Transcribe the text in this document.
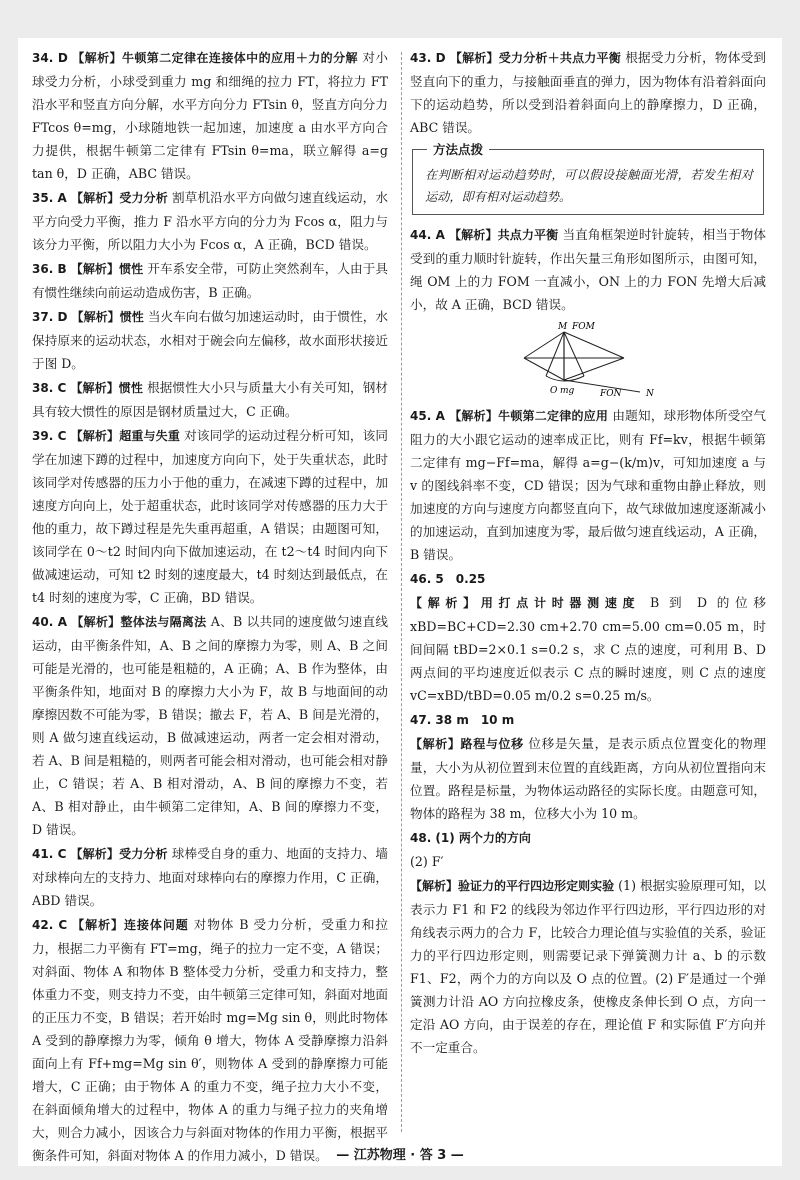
34. D 【解析】牛顿第二定律在连接体中的应用＋力的分解 对小球受力分析，小球受到重力 mg 和细绳的拉力 FT，将拉力 FT 沿水平和竖直方向分解，水平方向分力 FTsin θ，竖直方向分力 FTcos θ=mg，小球随地铁一起加速，加速度 a 由水平方向合力提供，根据牛顿第二定律有 FTsin θ=ma，联立解得 a=g tan θ，D 正确，ABC 错误。

35. A 【解析】受力分析 割草机沿水平方向做匀速直线运动，水平方向受力平衡，推力 F 沿水平方向的分力为 Fcos α，阻力与该分力平衡，所以阻力大小为 Fcos α，A 正确，BCD 错误。

36. B 【解析】惯性 开车系安全带，可防止突然刹车，人由于具有惯性继续向前运动造成伤害，B 正确。

37. D 【解析】惯性 当火车向右做匀加速运动时，由于惯性，水保持原来的运动状态，水相对于碗会向左偏移，故水面形状接近于图 D。

38. C 【解析】惯性 根据惯性大小只与质量大小有关可知，钢材具有较大惯性的原因是钢材质量过大，C 正确。

39. C 【解析】超重与失重 对该同学的运动过程分析可知，该同学在加速下蹲的过程中，加速度方向向下，处于失重状态，此时该同学对传感器的压力小于他的重力，在减速下蹲的过程中，加速度方向向上，处于超重状态，此时该同学对传感器的压力大于他的重力，故下蹲过程是先失重再超重，A 错误；由题图可知，该同学在 0～t2 时间内向下做加速运动，在 t2～t4 时间内向下做减速运动，可知 t2 时刻的速度最大，t4 时刻达到最低点，在 t4 时刻的速度为零，C 正确，BD 错误。

40. A 【解析】整体法与隔离法 A、B 以共同的速度做匀速直线运动，由平衡条件知，A、B 之间的摩擦力为零，则 A、B 之间可能是光滑的，也可能是粗糙的，A 正确；A、B 作为整体，由平衡条件知，地面对 B 的摩擦力大小为 F，故 B 与地面间的动摩擦因数不可能为零，B 错误；撤去 F，若 A、B 间是光滑的，则 A 做匀速直线运动，B 做减速运动，两者一定会相对滑动，若 A、B 间是粗糙的，则两者可能会相对滑动，也可能会相对静止，C 错误；若 A、B 相对滑动，A、B 间的摩擦力不变，若 A、B 相对静止，由牛顿第二定律知，A、B 间的摩擦力不变，D 错误。

41. C 【解析】受力分析 球棒受自身的重力、地面的支持力、墙对球棒向左的支持力、地面对球棒向右的摩擦力作用，C 正确，ABD 错误。

42. C 【解析】连接体问题 对物体 B 受力分析，受重力和拉力，根据二力平衡有 FT=mg，绳子的拉力一定不变，A 错误；对斜面、物体 A 和物体 B 整体受力分析，受重力和支持力，整体重力不变，则支持力不变，由牛顿第三定律可知，斜面对地面的正压力不变，B 错误；若开始时 mg=Mg sin θ，则此时物体 A 受到的静摩擦力为零，倾角 θ 增大，物体 A 受静摩擦力沿斜面向上有 Ff+mg=Mg sin θ′，则物体 A 受到的静摩擦力可能增大，C 正确；由于物体 A 的重力不变，绳子拉力大小不变，在斜面倾角增大的过程中，物体 A 的重力与绳子拉力的夹角增大，则合力减小，因该合力与斜面对物体的作用力平衡，根据平衡条件可知，斜面对物体 A 的作用力减小，D 错误。

43. D 【解析】受力分析＋共点力平衡 根据受力分析，物体受到竖直向下的重力，与接触面垂直的弹力，因为物体有沿着斜面向下的运动趋势，所以受到沿着斜面向上的静摩擦力，D 正确，ABC 错误。

方法点拨
在判断相对运动趋势时，可以假设接触面光滑，若发生相对运动，即有相对运动趋势。

44. A 【解析】共点力平衡 当直角框架逆时针旋转，相当于物体受到的重力顺时针旋转，作出矢量三角形如图所示，由图可知，绳 OM 上的力 FOM 一直减小，ON 上的力 FON 先增大后减小，故 A 正确，BCD 错误。

M FOM
O mg	FON	N

45. A 【解析】牛顿第二定律的应用 由题知，球形物体所受空气阻力的大小跟它运动的速率成正比，则有 Ff=kv，根据牛顿第二定律有 mg−Ff=ma，解得 a=g−(k/m)v，可知加速度 a 与 v 的图线斜率不变，CD 错误；因为气球和重物由静止释放，则加速度的方向与速度方向都竖直向下，故气球做加速度逐渐减小的加速运动，直到加速度为零，最后做匀速直线运动，A 正确，B 错误。

46. 5　0.25
【解析】用打点计时器测速度 B 到 D 的位移 xBD=BC+CD=2.30 cm+2.70 cm=5.00 cm=0.05 m，时间间隔 tBD=2×0.1 s=0.2 s，求 C 点的速度，可利用 B、D 两点间的平均速度近似表示 C 点的瞬时速度，则 C 点的速度 vC=xBD/tBD=0.05 m/0.2 s=0.25 m/s。

47. 38 m　10 m
【解析】路程与位移 位移是矢量，是表示质点位置变化的物理量，大小为从初位置到末位置的直线距离，方向从初位置指向末位置。路程是标量，为物体运动路径的实际长度。由题意可知，物体的路程为 38 m，位移大小为 10 m。

48. (1) 两个力的方向
(2) F′

【解析】验证力的平行四边形定则实验 (1) 根据实验原理可知，以表示力 F1 和 F2 的线段为邻边作平行四边形，平行四边形的对角线表示两力的合力 F，比较合力理论值与实验值的关系，验证力的平行四边形定则，则需要记录下弹簧测力计 a、b 的示数 F1、F2，两个力的方向以及 O 点的位置。(2) F′是通过一个弹簧测力计沿 AO 方向拉橡皮条，使橡皮条伸长到 O 点，方向一定沿 AO 方向，由于误差的存在，理论值 F 和实际值 F′方向并不一定重合。

— 江苏物理 · 答 3 —
